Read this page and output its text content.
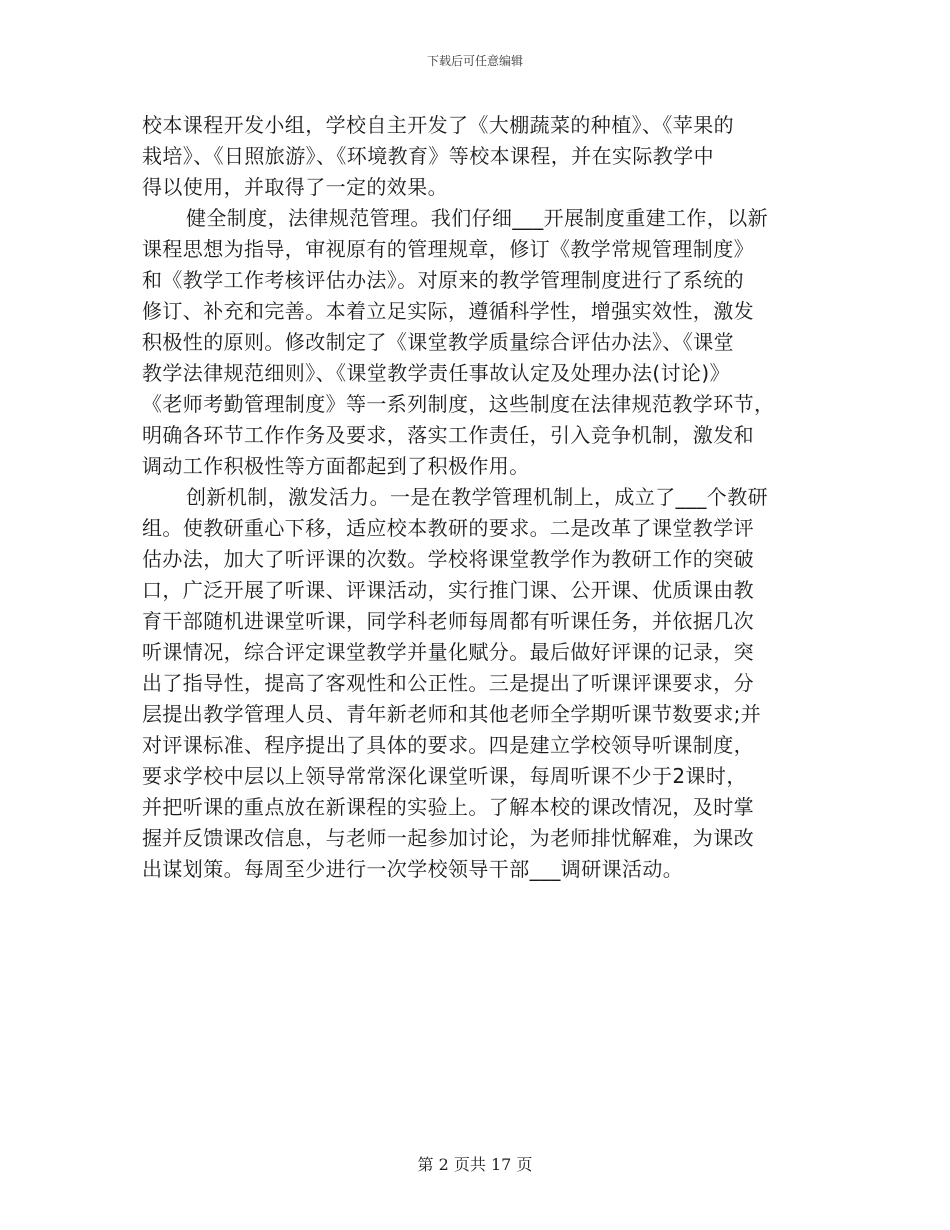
下载后可任意编辑
校本课程开发小组，学校自主开发了《大棚蔬菜的种植》、《苹果的
栽培》、《日照旅游》、《环境教育》等校本课程，并在实际教学中
得以使用，并取得了一定的效果。
健全制度，法律规范管理。我们仔细___开展制度重建工作，以新
课程思想为指导，审视原有的管理规章，修订《教学常规管理制度》
和《教学工作考核评估办法》。对原来的教学管理制度进行了系统的
修订、补充和完善。本着立足实际，遵循科学性，增强实效性，激发
积极性的原则。修改制定了《课堂教学质量综合评估办法》、《课堂
教学法律规范细则》、《课堂教学责任事故认定及处理办法(讨论)》
《老师考勤管理制度》等一系列制度，这些制度在法律规范教学环节，
明确各环节工作作务及要求，落实工作责任，引入竞争机制，激发和
调动工作积极性等方面都起到了积极作用。
创新机制，激发活力。一是在教学管理机制上，成立了___个教研
组。使教研重心下移，适应校本教研的要求。二是改革了课堂教学评
估办法，加大了听评课的次数。学校将课堂教学作为教研工作的突破
口，广泛开展了听课、评课活动，实行推门课、公开课、优质课由教
育干部随机进课堂听课，同学科老师每周都有听课任务，并依据几次
听课情况，综合评定课堂教学并量化赋分。最后做好评课的记录，突
出了指导性，提高了客观性和公正性。三是提出了听课评课要求，分
层提出教学管理人员、青年新老师和其他老师全学期听课节数要求;并
对评课标准、程序提出了具体的要求。四是建立学校领导听课制度，
要求学校中层以上领导常常深化课堂听课，每周听课不少于2课时，
并把听课的重点放在新课程的实验上。了解本校的课改情况，及时掌
握并反馈课改信息，与老师一起参加讨论，为老师排忧解难，为课改
出谋划策。每周至少进行一次学校领导干部___调研课活动。
第 2 页共 17 页
